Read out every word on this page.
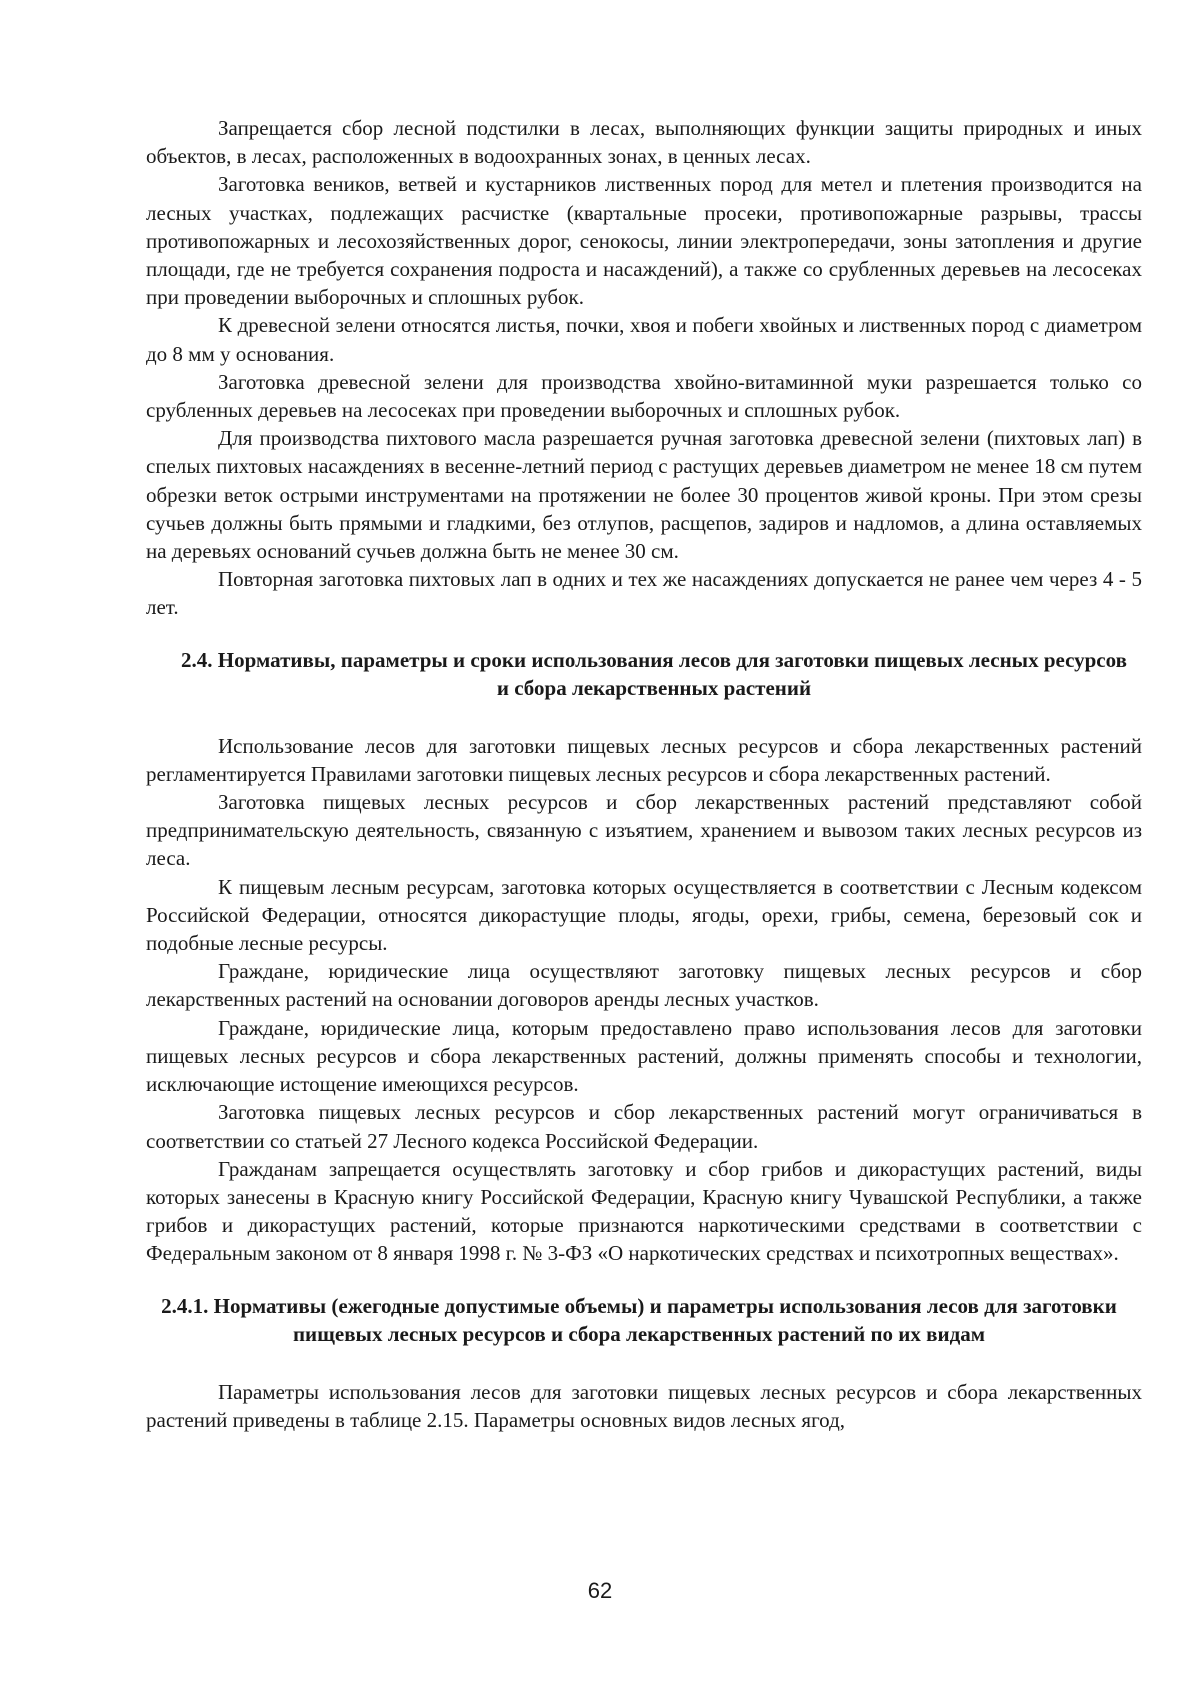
Запрещается сбор лесной подстилки в лесах, выполняющих функции защиты природных и иных объектов, в лесах, расположенных в водоохранных зонах, в ценных лесах.

Заготовка веников, ветвей и кустарников лиственных пород для метел и плетения производится на лесных участках, подлежащих расчистке (квартальные просеки, противопожарные разрывы, трассы противопожарных и лесохозяйственных дорог, сенокосы, линии электропередачи, зоны затопления и другие площади, где не требуется сохранения подроста и насаждений), а также со срубленных деревьев на лесосеках при проведении выборочных и сплошных рубок.

К древесной зелени относятся листья, почки, хвоя и побеги хвойных и лиственных пород с диаметром до 8 мм у основания.

Заготовка древесной зелени для производства хвойно-витаминной муки разрешается только со срубленных деревьев на лесосеках при проведении выборочных и сплошных рубок.

Для производства пихтового масла разрешается ручная заготовка древесной зелени (пихтовых лап) в спелых пихтовых насаждениях в весенне-летний период с растущих деревьев диаметром не менее 18 см путем обрезки веток острыми инструментами на протяжении не более 30 процентов живой кроны. При этом срезы сучьев должны быть прямыми и гладкими, без отлупов, расщепов, задиров и надломов, а длина оставляемых на деревьях оснований сучьев должна быть не менее 30 см.

Повторная заготовка пихтовых лап в одних и тех же насаждениях допускается не ранее чем через 4 - 5 лет.

2.4. Нормативы, параметры и сроки использования лесов для заготовки пищевых лесных ресурсов и сбора лекарственных растений

Использование лесов для заготовки пищевых лесных ресурсов и сбора лекарственных растений регламентируется Правилами заготовки пищевых лесных ресурсов и сбора лекарственных растений.

Заготовка пищевых лесных ресурсов и сбор лекарственных растений представляют собой предпринимательскую деятельность, связанную с изъятием, хранением и вывозом таких лесных ресурсов из леса.

К пищевым лесным ресурсам, заготовка которых осуществляется в соответствии с Лесным кодексом Российской Федерации, относятся дикорастущие плоды, ягоды, орехи, грибы, семена, березовый сок и подобные лесные ресурсы.

Граждане, юридические лица осуществляют заготовку пищевых лесных ресурсов и сбор лекарственных растений на основании договоров аренды лесных участков.

Граждане, юридические лица, которым предоставлено право использования лесов для заготовки пищевых лесных ресурсов и сбора лекарственных растений, должны применять способы и технологии, исключающие истощение имеющихся ресурсов.

Заготовка пищевых лесных ресурсов и сбор лекарственных растений могут ограничиваться в соответствии со статьей 27 Лесного кодекса Российской Федерации.

Гражданам запрещается осуществлять заготовку и сбор грибов и дикорастущих растений, виды которых занесены в Красную книгу Российской Федерации, Красную книгу Чувашской Республики, а также грибов и дикорастущих растений, которые признаются наркотическими средствами в соответствии с Федеральным законом от 8 января 1998 г. № 3-ФЗ «О наркотических средствах и психотропных веществах».

2.4.1. Нормативы (ежегодные допустимые объемы) и параметры использования лесов для заготовки пищевых лесных ресурсов и сбора лекарственных растений по их видам

Параметры использования лесов для заготовки пищевых лесных ресурсов и сбора лекарственных растений приведены в таблице 2.15. Параметры основных видов лесных ягод,

62
